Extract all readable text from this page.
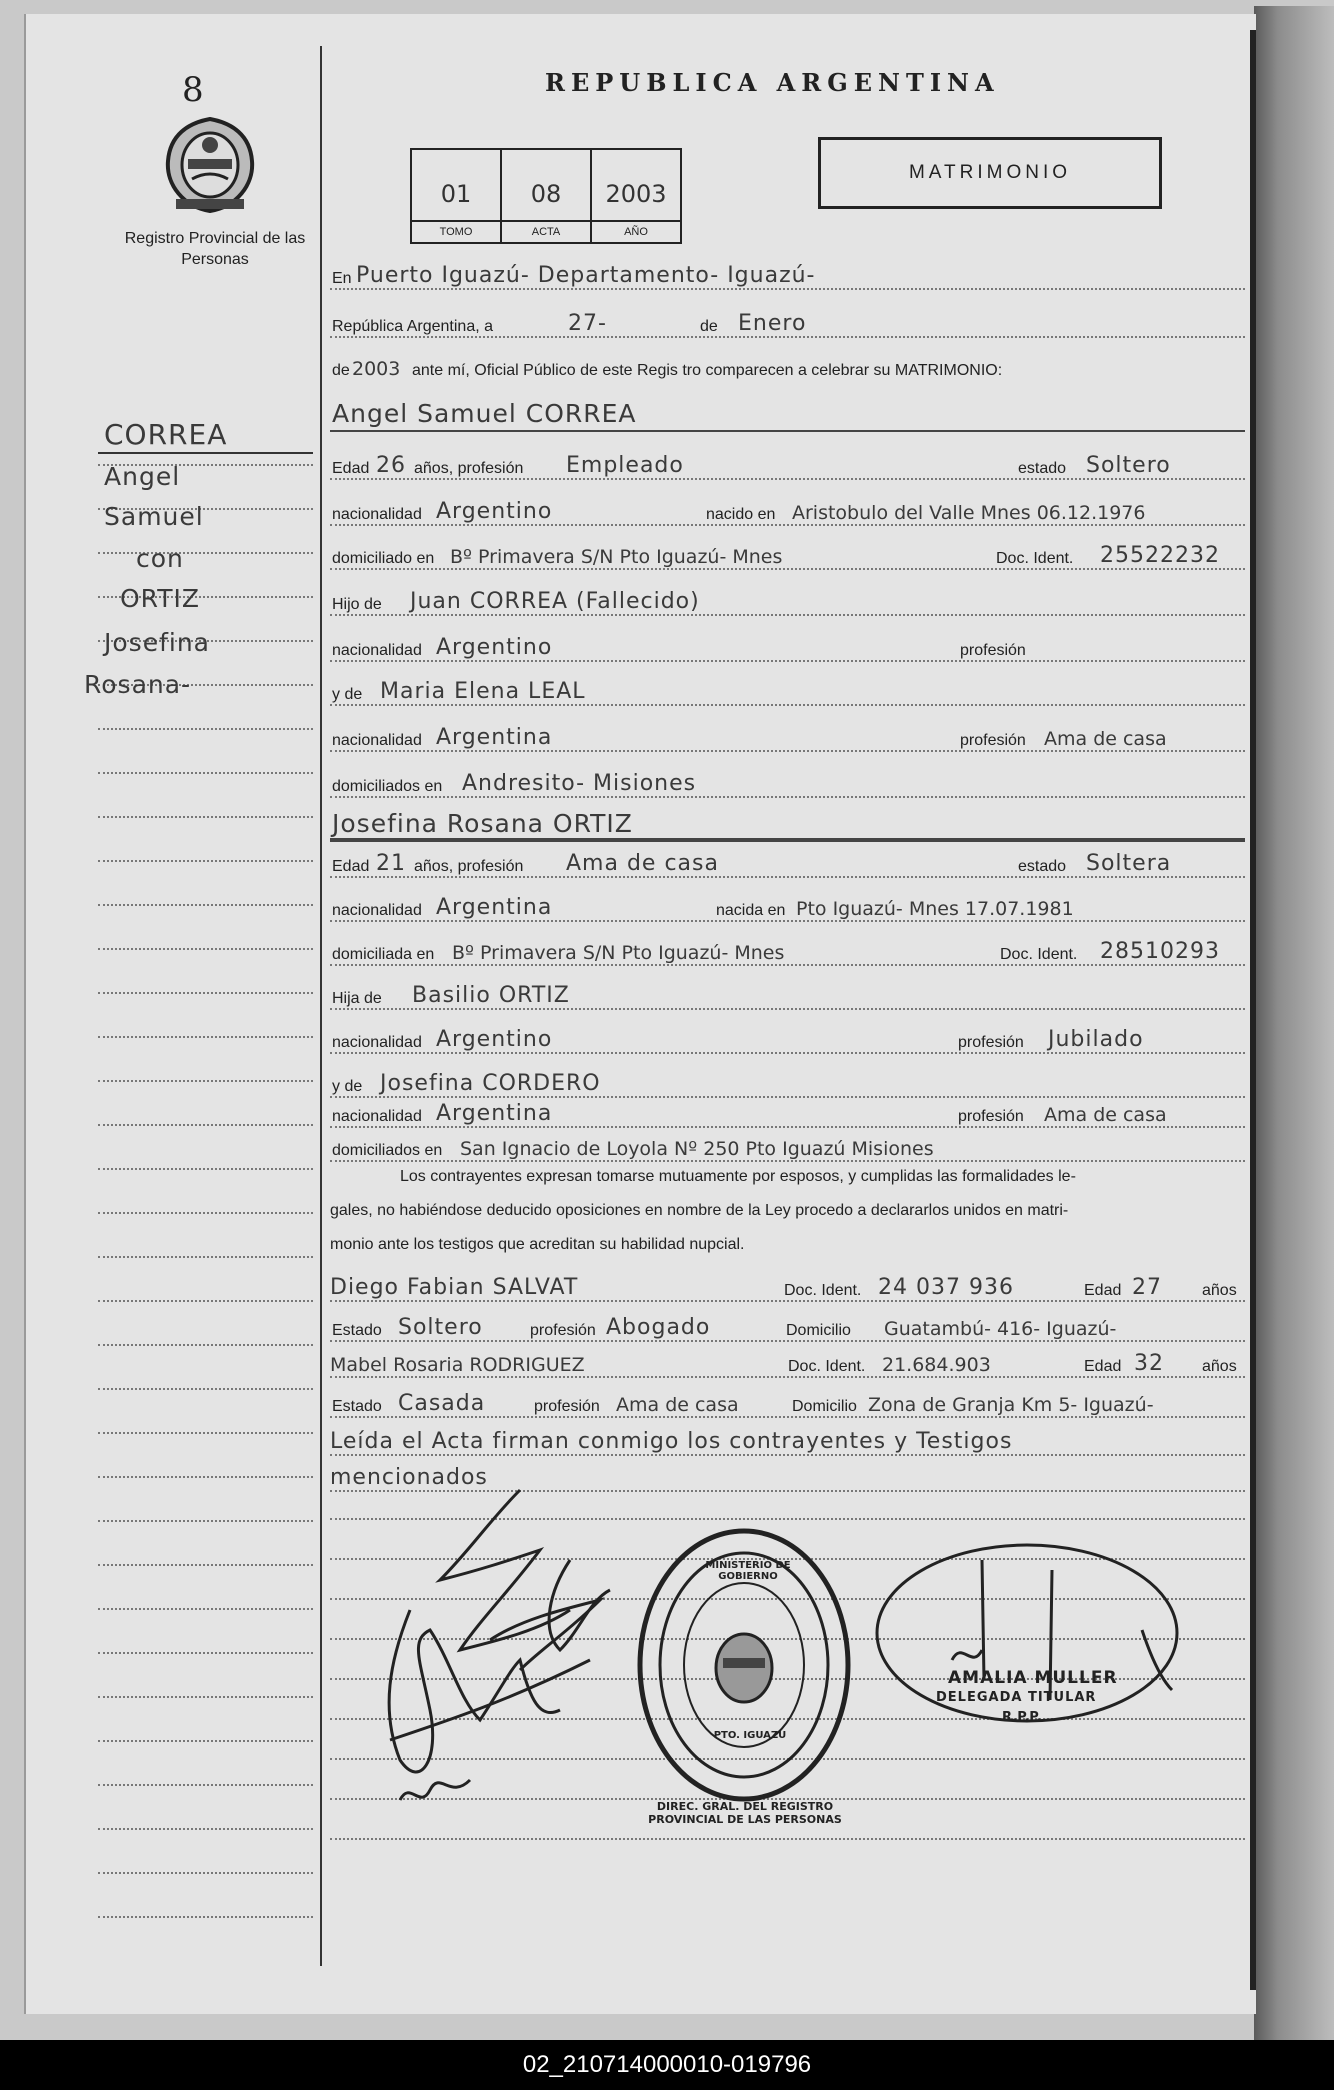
8
Registro Provincial de las Personas
REPUBLICA ARGENTINA
MATRIMONIO
01
TOMO
08
ACTA
2003
AÑO
CORREA
Angel
Samuel
con
ORTIZ
Josefina
Rosana-
En Puerto Iguazú- Departamento- Iguazú-
República Argentina, a	27-	de Enero
de 2003 ante mí, Oficial Público de este Regis tro comparecen a celebrar su MATRIMONIO:
Angel Samuel CORREA
Edad 26 años, profesión Empleado	estado Soltero
nacionalidad Argentino	nacido en Aristobulo del Valle Mnes 06.12.1976
domiciliado en Bº Primavera S/N Pto Iguazú- Mnes	Doc. Ident. 25522232
Hijo de Juan CORREA (Fallecido)
nacionalidad Argentino	profesión
y de Maria Elena LEAL
nacionalidad Argentina	profesión Ama de casa
domiciliados en Andresito- Misiones
Josefina Rosana ORTIZ
Edad 21 años, profesión Ama de casa	estado Soltera
nacionalidad Argentina	nacida en Pto Iguazú- Mnes 17.07.1981
domiciliada en Bº Primavera S/N Pto Iguazú- Mnes	Doc. Ident. 28510293
Hija de Basilio ORTIZ
nacionalidad Argentino	profesión Jubilado
y de Josefina CORDERO
nacionalidad Argentina	profesión Ama de casa
domiciliados en San Ignacio de Loyola Nº 250 Pto Iguazú Misiones
Los contrayentes expresan tomarse mutuamente por esposos, y cumplidas las formalidades le-
gales, no habiéndose deducido oposiciones en nombre de la Ley procedo a declararlos unidos en matri-
monio ante los testigos que acreditan su habilidad nupcial.
Diego Fabian SALVAT	Doc. Ident. 24 037 936	Edad 27	años
Estado Soltero	profesión Abogado	Domicilio Guatambú- 416- Iguazú-
Mabel Rosaria RODRIGUEZ	Doc. Ident. 21.684.903	Edad 32 años
Estado Casada	profesión Ama de casa	Domicilio Zona de Granja Km 5- Iguazú-
Leída el Acta firman conmigo los contrayentes y Testigos
mencionados
DIREC. GRAL. DEL REGISTRO PROVINCIAL DE LAS PERSONAS
MINISTERIO DE GOBIERNO
PTO. IGUAZU
AMALIA MULLER
DELEGADA TITULAR
R.P.P.
02_210714000010-019796
